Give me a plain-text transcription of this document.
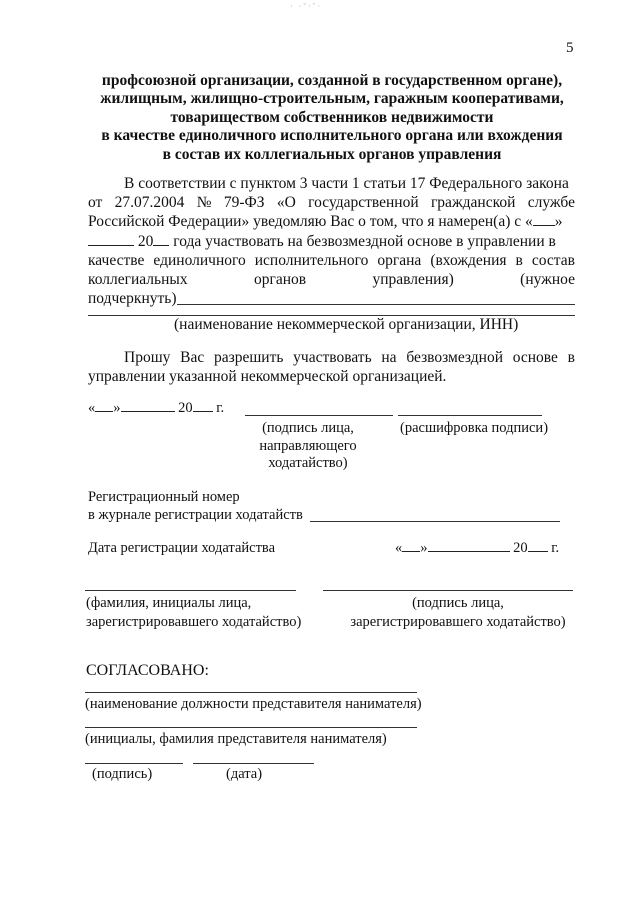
· ·ˇ·ˆ·
5
профсоюзной организации, созданной в государственном органе),
жилищным, жилищно-строительным, гаражным кооперативами,
товариществом собственников недвижимости
в качестве единоличного исполнительного органа или вхождения
в состав их коллегиальных органов управления
В соответствии с пунктом 3 части 1 статьи 17 Федерального закона
от 27.07.2004 № 79-ФЗ «О государственной гражданской службе
Российской Федерации» уведомляю Вас о том, что я намерен(а) с « »
20 года участвовать на безвозмездной основе в управлении в
качестве единоличного исполнительного органа (вхождения в состав
коллегиальных	органов	управления)	(нужное
подчеркнуть)
(наименование некоммерческой организации, ИНН)
Прошу Вас разрешить участвовать на безвозмездной основе в
управлении указанной некоммерческой организацией.
« »	20 г.
(подпись лица,
направляющего
ходатайство)
(расшифровка подписи)
Регистрационный номер
в журнале регистрации ходатайств
Дата регистрации ходатайства	« »	20 г.
(фамилия, инициалы лица,
зарегистрировавшего ходатайство)
(подпись лица,
зарегистрировавшего ходатайство)
СОГЛАСОВАНО:
(наименование должности представителя нанимателя)
(инициалы, фамилия представителя нанимателя)
(подпись)	(дата)
